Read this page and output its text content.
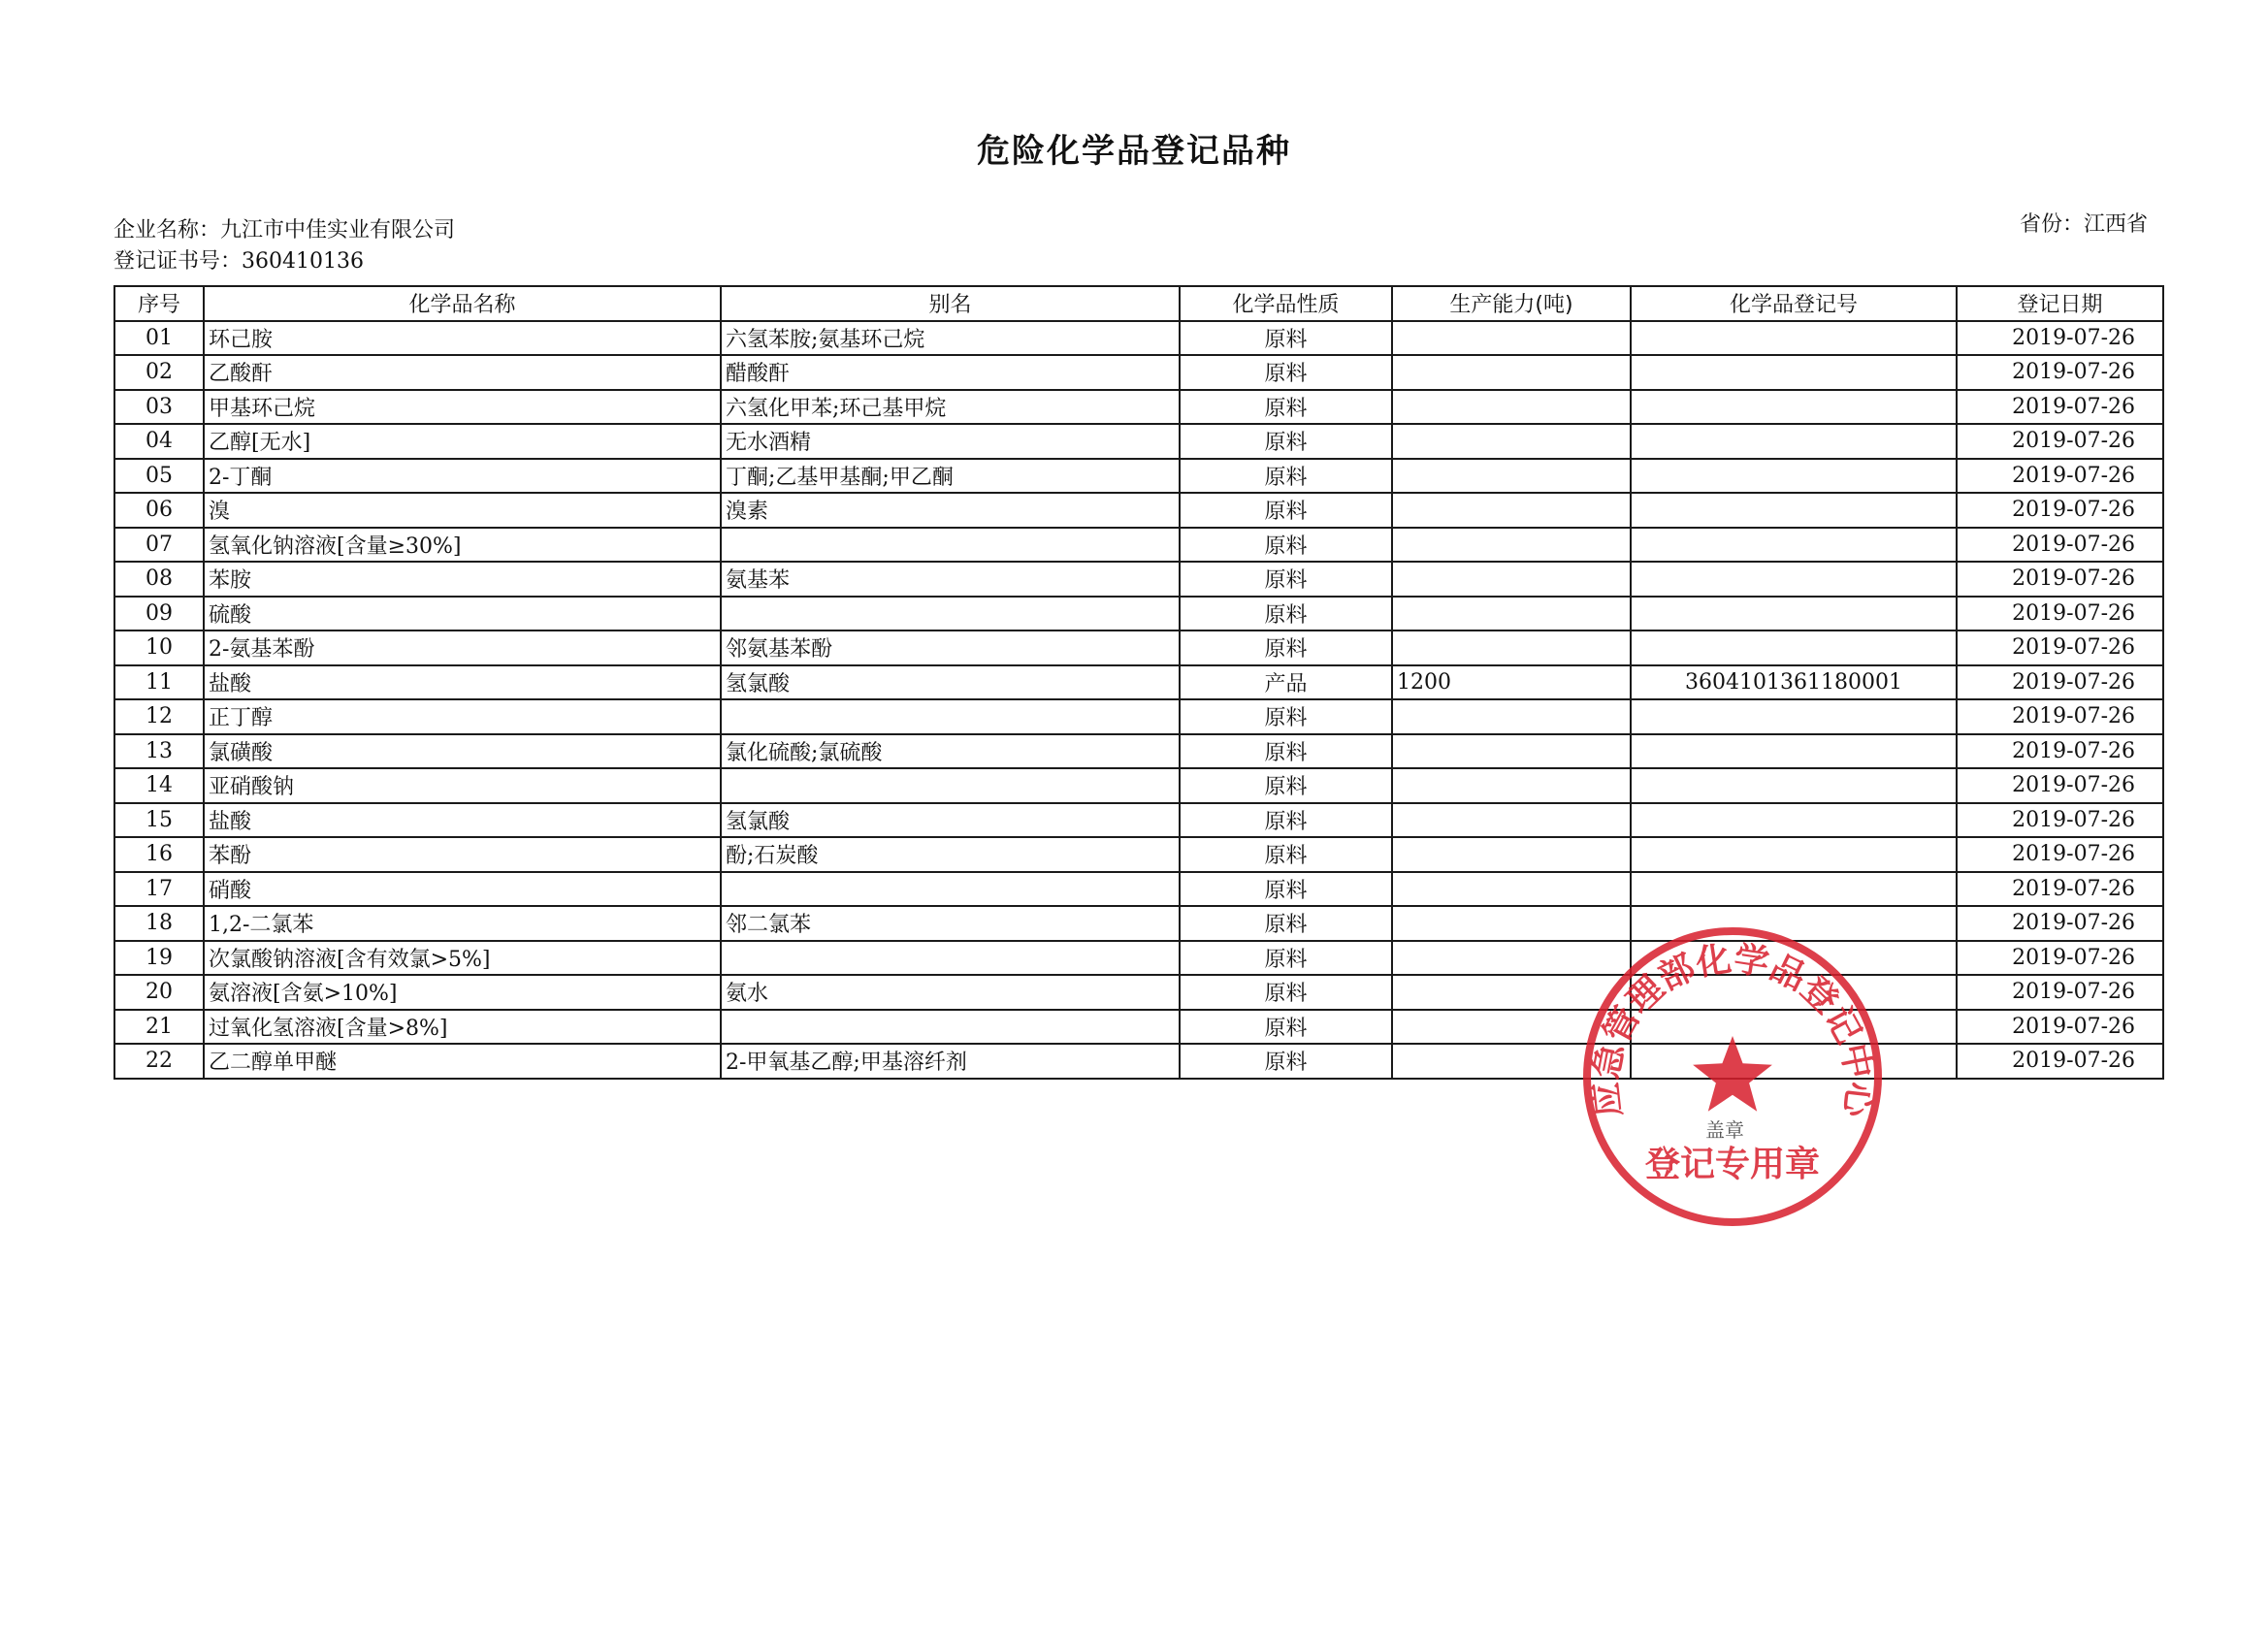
危险化学品登记品种
企业名称：九江市中佳实业有限公司
登记证书号：360410136
省份：江西省
序号	化学品名称	别名	化学品性质	生产能力(吨)	化学品登记号	登记日期
01	环己胺	六氢苯胺;氨基环己烷	原料			2019-07-26
02	乙酸酐	醋酸酐	原料			2019-07-26
03	甲基环己烷	六氢化甲苯;环己基甲烷	原料			2019-07-26
04	乙醇[无水]	无水酒精	原料			2019-07-26
05	2-丁酮	丁酮;乙基甲基酮;甲乙酮	原料			2019-07-26
06	溴	溴素	原料			2019-07-26
07	氢氧化钠溶液[含量≥30%]		原料			2019-07-26
08	苯胺	氨基苯	原料			2019-07-26
09	硫酸		原料			2019-07-26
10	2-氨基苯酚	邻氨基苯酚	原料			2019-07-26
11	盐酸	氢氯酸	产品	1200	3604101361180001	2019-07-26
12	正丁醇		原料			2019-07-26
13	氯磺酸	氯化硫酸;氯硫酸	原料			2019-07-26
14	亚硝酸钠		原料			2019-07-26
15	盐酸	氢氯酸	原料			2019-07-26
16	苯酚	酚;石炭酸	原料			2019-07-26
17	硝酸		原料			2019-07-26
18	1,2-二氯苯	邻二氯苯	原料			2019-07-26
19	次氯酸钠溶液[含有效氯>5%]		原料			2019-07-26
20	氨溶液[含氨>10%]	氨水	原料			2019-07-26
21	过氧化氢溶液[含量>8%]		原料			2019-07-26
22	乙二醇单甲醚	2-甲氧基乙醇;甲基溶纤剂	原料			2019-07-26
应急管理部化学品登记中心
盖章
登记专用章
